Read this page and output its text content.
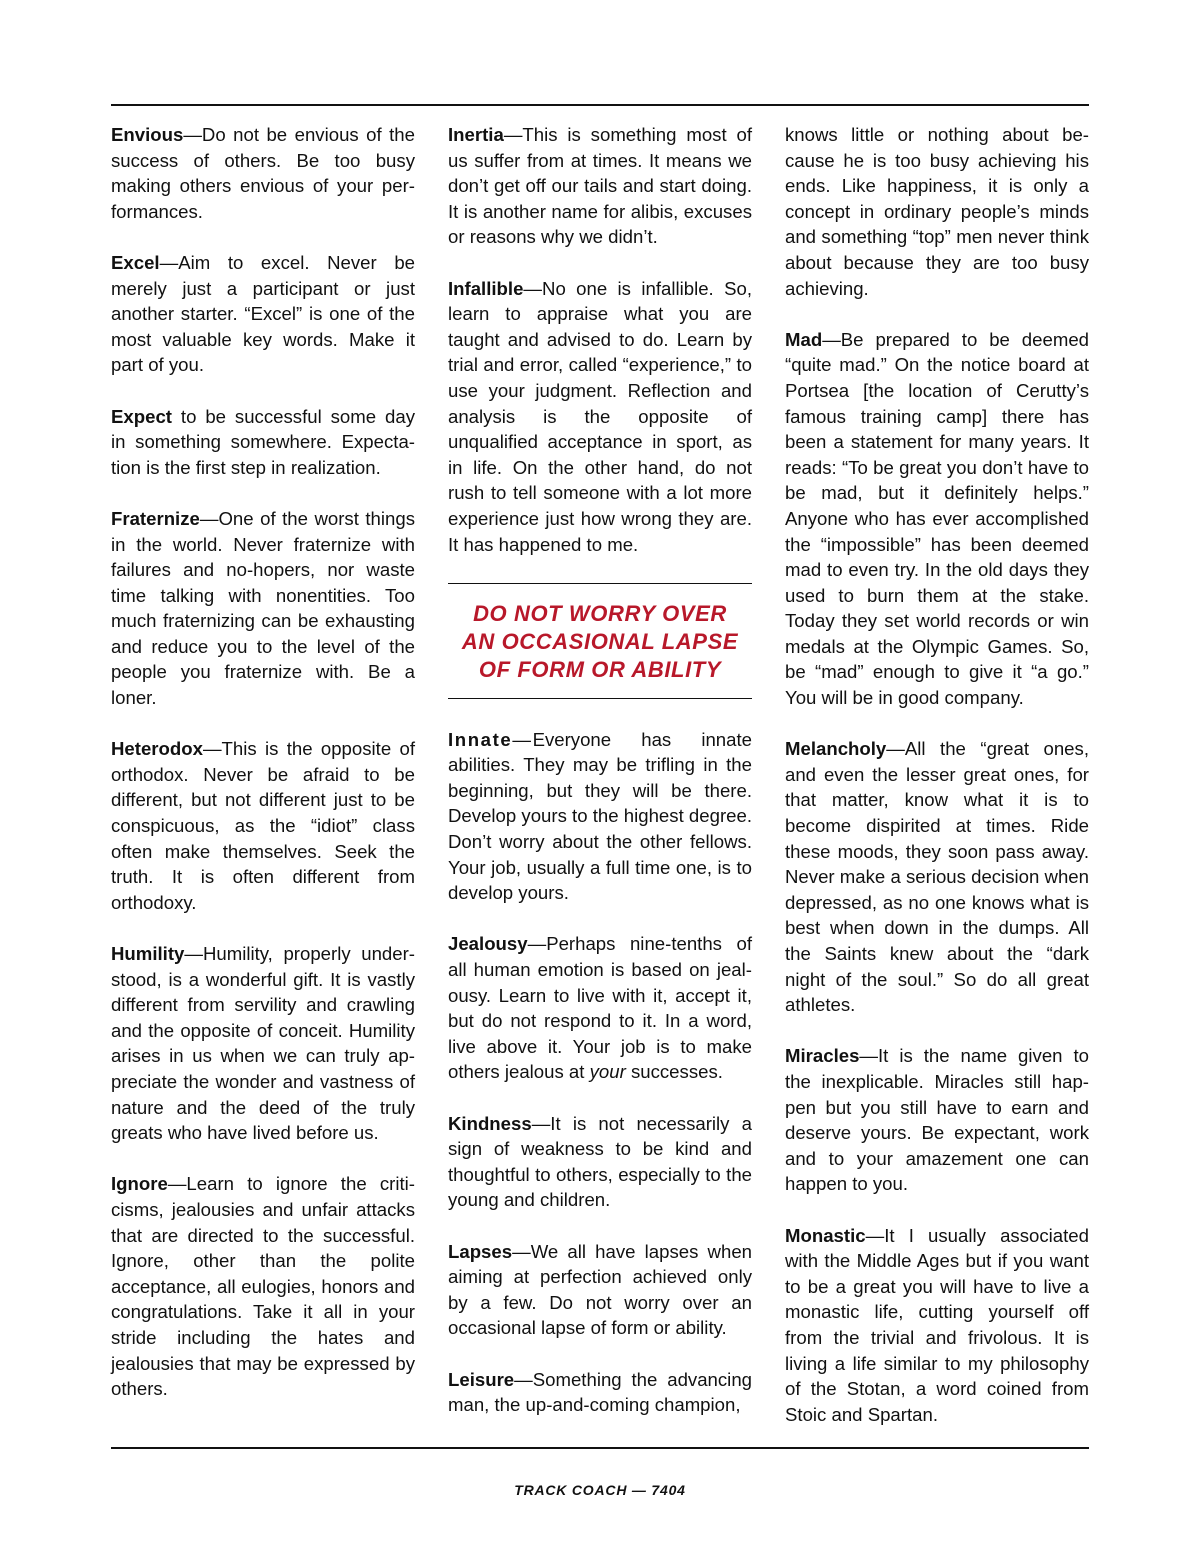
Envious—Do not be envious of the success of others. Be too busy making others envious of your performances.

Excel—Aim to excel. Never be merely just a participant or just another starter. “Excel” is one of the most valuable key words. Make it part of you.

Expect to be successful some day in something somewhere. Expectation is the first step in realization.

Fraternize—One of the worst things in the world. Never fraternize with failures and no-hopers, nor waste time talking with nonentities. Too much fraternizing can be exhausting and reduce you to the level of the people you fraternize with. Be a loner.

Heterodox—This is the opposite of orthodox. Never be afraid to be different, but not different just to be conspicuous, as the “idiot” class often make themselves. Seek the truth. It is often different from orthodoxy.

Humility—Humility, properly understood, is a wonderful gift. It is vastly different from servility and crawling and the opposite of conceit. Humility arises in us when we can truly appreciate the wonder and vastness of nature and the deed of the truly greats who have lived before us.

Ignore—Learn to ignore the criticisms, jealousies and unfair attacks that are directed to the successful. Ignore, other than the polite acceptance, all eulogies, honors and congratulations. Take it all in your stride including the hates and jealousies that may be expressed by others.

Inertia—This is something most of us suffer from at times. It means we don’t get off our tails and start doing. It is another name for alibis, excuses or reasons why we didn’t.

Infallible—No one is infallible. So, learn to appraise what you are taught and advised to do. Learn by trial and error, called “experience,” to use your judgment. Reflection and analysis is the opposite of unqualified acceptance in sport, as in life. On the other hand, do not rush to tell someone with a lot more experience just how wrong they are. It has happened to me.

DO NOT WORRY OVER

AN OCCASIONAL LAPSE

OF FORM OR ABILITY

Innate—Everyone has innate abilities. They may be trifling in the beginning, but they will be there. Develop yours to the highest degree. Don’t worry about the other fellows. Your job, usually a full time one, is to develop yours.

Jealousy—Perhaps nine-tenths of all human emotion is based on jealousy. Learn to live with it, accept it, but do not respond to it. In a word, live above it. Your job is to make others jealous at your successes.

Kindness—It is not necessarily a sign of weakness to be kind and thoughtful to others, especially to the young and children.

Lapses—We all have lapses when aiming at perfection achieved only by a few. Do not worry over an occasional lapse of form or ability.

Leisure—Something the advancing man, the up-and-coming champion,

knows little or nothing about because he is too busy achieving his ends. Like happiness, it is only a concept in ordinary people’s minds and something “top” men never think about because they are too busy achieving.

Mad—Be prepared to be deemed “quite mad.” On the notice board at Portsea [the location of Cerutty’s famous training camp] there has been a statement for many years. It reads: “To be great you don’t have to be mad, but it definitely helps.” Anyone who has ever accomplished the “impossible” has been deemed mad to even try. In the old days they used to burn them at the stake. Today they set world records or win medals at the Olympic Games. So, be “mad” enough to give it “a go.” You will be in good company.

Melancholy—All the “great ones, and even the lesser great ones, for that matter, know what it is to become dispirited at times. Ride these moods, they soon pass away. Never make a serious decision when depressed, as no one knows what is best when down in the dumps. All the Saints knew about the “dark night of the soul.” So do all great athletes.

Miracles—It is the name given to the inexplicable. Miracles still happen but you still have to earn and deserve yours. Be expectant, work and to your amazement one can happen to you.

Monastic—It I usually associated with the Middle Ages but if you want to be a great you will have to live a monastic life, cutting yourself off from the trivial and frivolous. It is living a life similar to my philosophy of the Stotan, a word coined from Stoic and Spartan.

TRACK COACH — 7404
